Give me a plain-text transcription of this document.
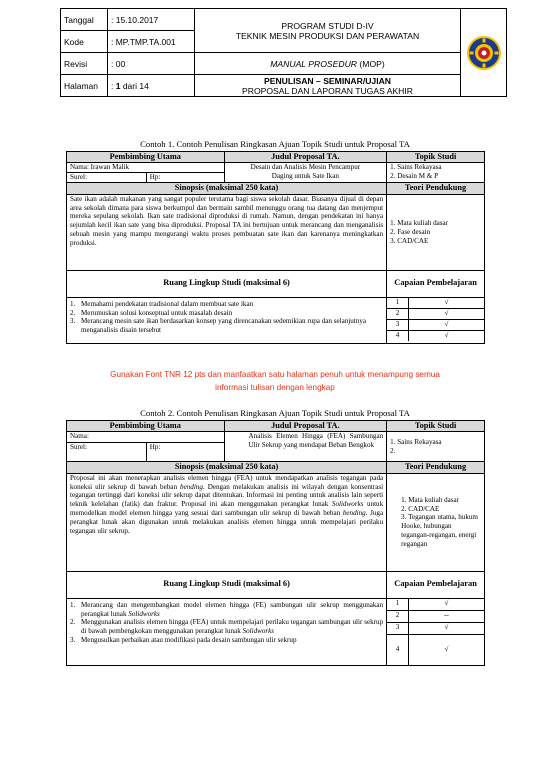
Tanggal	: 15.10.2017	PROGRAM STUDI D-IV
TEKNIK MESIN PRODUKSI DAN PERAWATAN

Kode	: MP.TMP.TA.001		
Revisi	: 00	MANUAL PROSEDUR (MOP)	
Halaman	: 1 dari 14	PENULISAN – SEMINAR/UJIAN
PROPOSAL DAN LAPORAN TUGAS AKHIR	
Contoh 1. Contoh Penulisan Ringkasan Ajuan Topik Studi untuk Proposal TA
Pembimbing Utama	Judul Proposal TA.	Topik Studi
Nama: Irawan Malik	Desain dan Analisis Mesin Pencampur
Daging untuk Sate Ikan

1. Sains Rekayasa
2. Desain M & P

Surel:	Hp:
Sinopsis (maksimal 250 kata)	Teori Pendukung
Sate ikan adalah makanan yang sangat populer terutama bagi siswa sekolah dasar. Biasanya dijual di depan area sekolah dimana para siswa berkumpul dan bermain sambil menunggu orang tua datang dan menjemput mereka sepulang sekolah. Ikan sate tradisional diproduksi di rumah. Namun, dengan pendekatan ini hanya sejumlah kecil ikan sate yang bisa diproduksi. Proposal TA ini bertujuan untuk merancang dan menganalisis sebuah mesin yang mampu mengurangi waktu proses pembuatan sate ikan dan karenanya meningkatkan produksi.	
1. Mata kuliah dasar
2. Fase desain
3. CAD/CAE

Ruang Lingkup Studi (maksimal 6)	Capaian Pembelajaran

1. Memahami pendekatan tradisional dalam membuat sate ikan
2. Merumuskan solusi konseptual untuk masalah desain
3. Merancang mesin sate ikan berdasarkan konsep yang direncanakan sedemikian rupa dan selanjutnya menganalisis disain tersebut

1	√
2	√
3	√
4	√
Gunakan Font TNR 12 pts dan manfaatkan satu halaman penuh untuk menampung semua
informasi tulisan dengan lengkap
Contoh 2. Contoh Penulisan Ringkasan Ajuan Topik Studi untuk Proposal TA
Pembimbing Utama	Judul Proposal TA.	Topik Studi
Nama:	Analisis Elemen Hingga (FEA) Sambungan Ulir Sekrup yang mendapat Beban Bengkok	1. Sains Rekayasa
2.

Surel:	Hp:
Sinopsis (maksimal 250 kata)	Teori Pendukung
Proposal ini akan menerapkan analisis elemen hingga (FEA) untuk mendapatkan analisis tegangan pada koneksi ulir sekrup di bawah beban bending. Dengan melakukan analisis ini wilayah dengan konsentrasi tegangan tertinggi dari koneksi ulir sekrup dapat ditentukan. Informasi ini penting untuk analisis lain seperti teknik kelelahan (fatik) dan fraktur. Proposal ini akan menggunakan perangkat lunak Solidworks untuk memodelkan model elemen hingga yang sesuai dari sambungan ulir sekrup di bawah beban bending. Juga perangkat lunak akan digunakan untuk melakukan analisis elemen hingga untuk mempelajari perilaku tegangan ulir sekrup.	
1. Mata kuliah dasar
2. CAD/CAE
3. Tegangan utama, hukum Hooke, hubungan tegangan-regangan, energi regangan

Ruang Lingkup Studi (maksimal 6)	Capaian Pembelajaran

1. Merancang dan mengembangkan model elemen hingga (FE) sambungan ulir sekrup menggunakan perangkat lunak Solidworks
2. Menggunakan analisis elemen hingga (FEA) untuk mempelajari perilaku tegangan sambungan ulir sekrup di bawah pembengkokan menggunakan perangkat lunak Solidworks
3. Mengusulkan perbaikan atau modifikasi pada desain sambungan ulir sekrup

1	√
2	--
3	√
4	√
